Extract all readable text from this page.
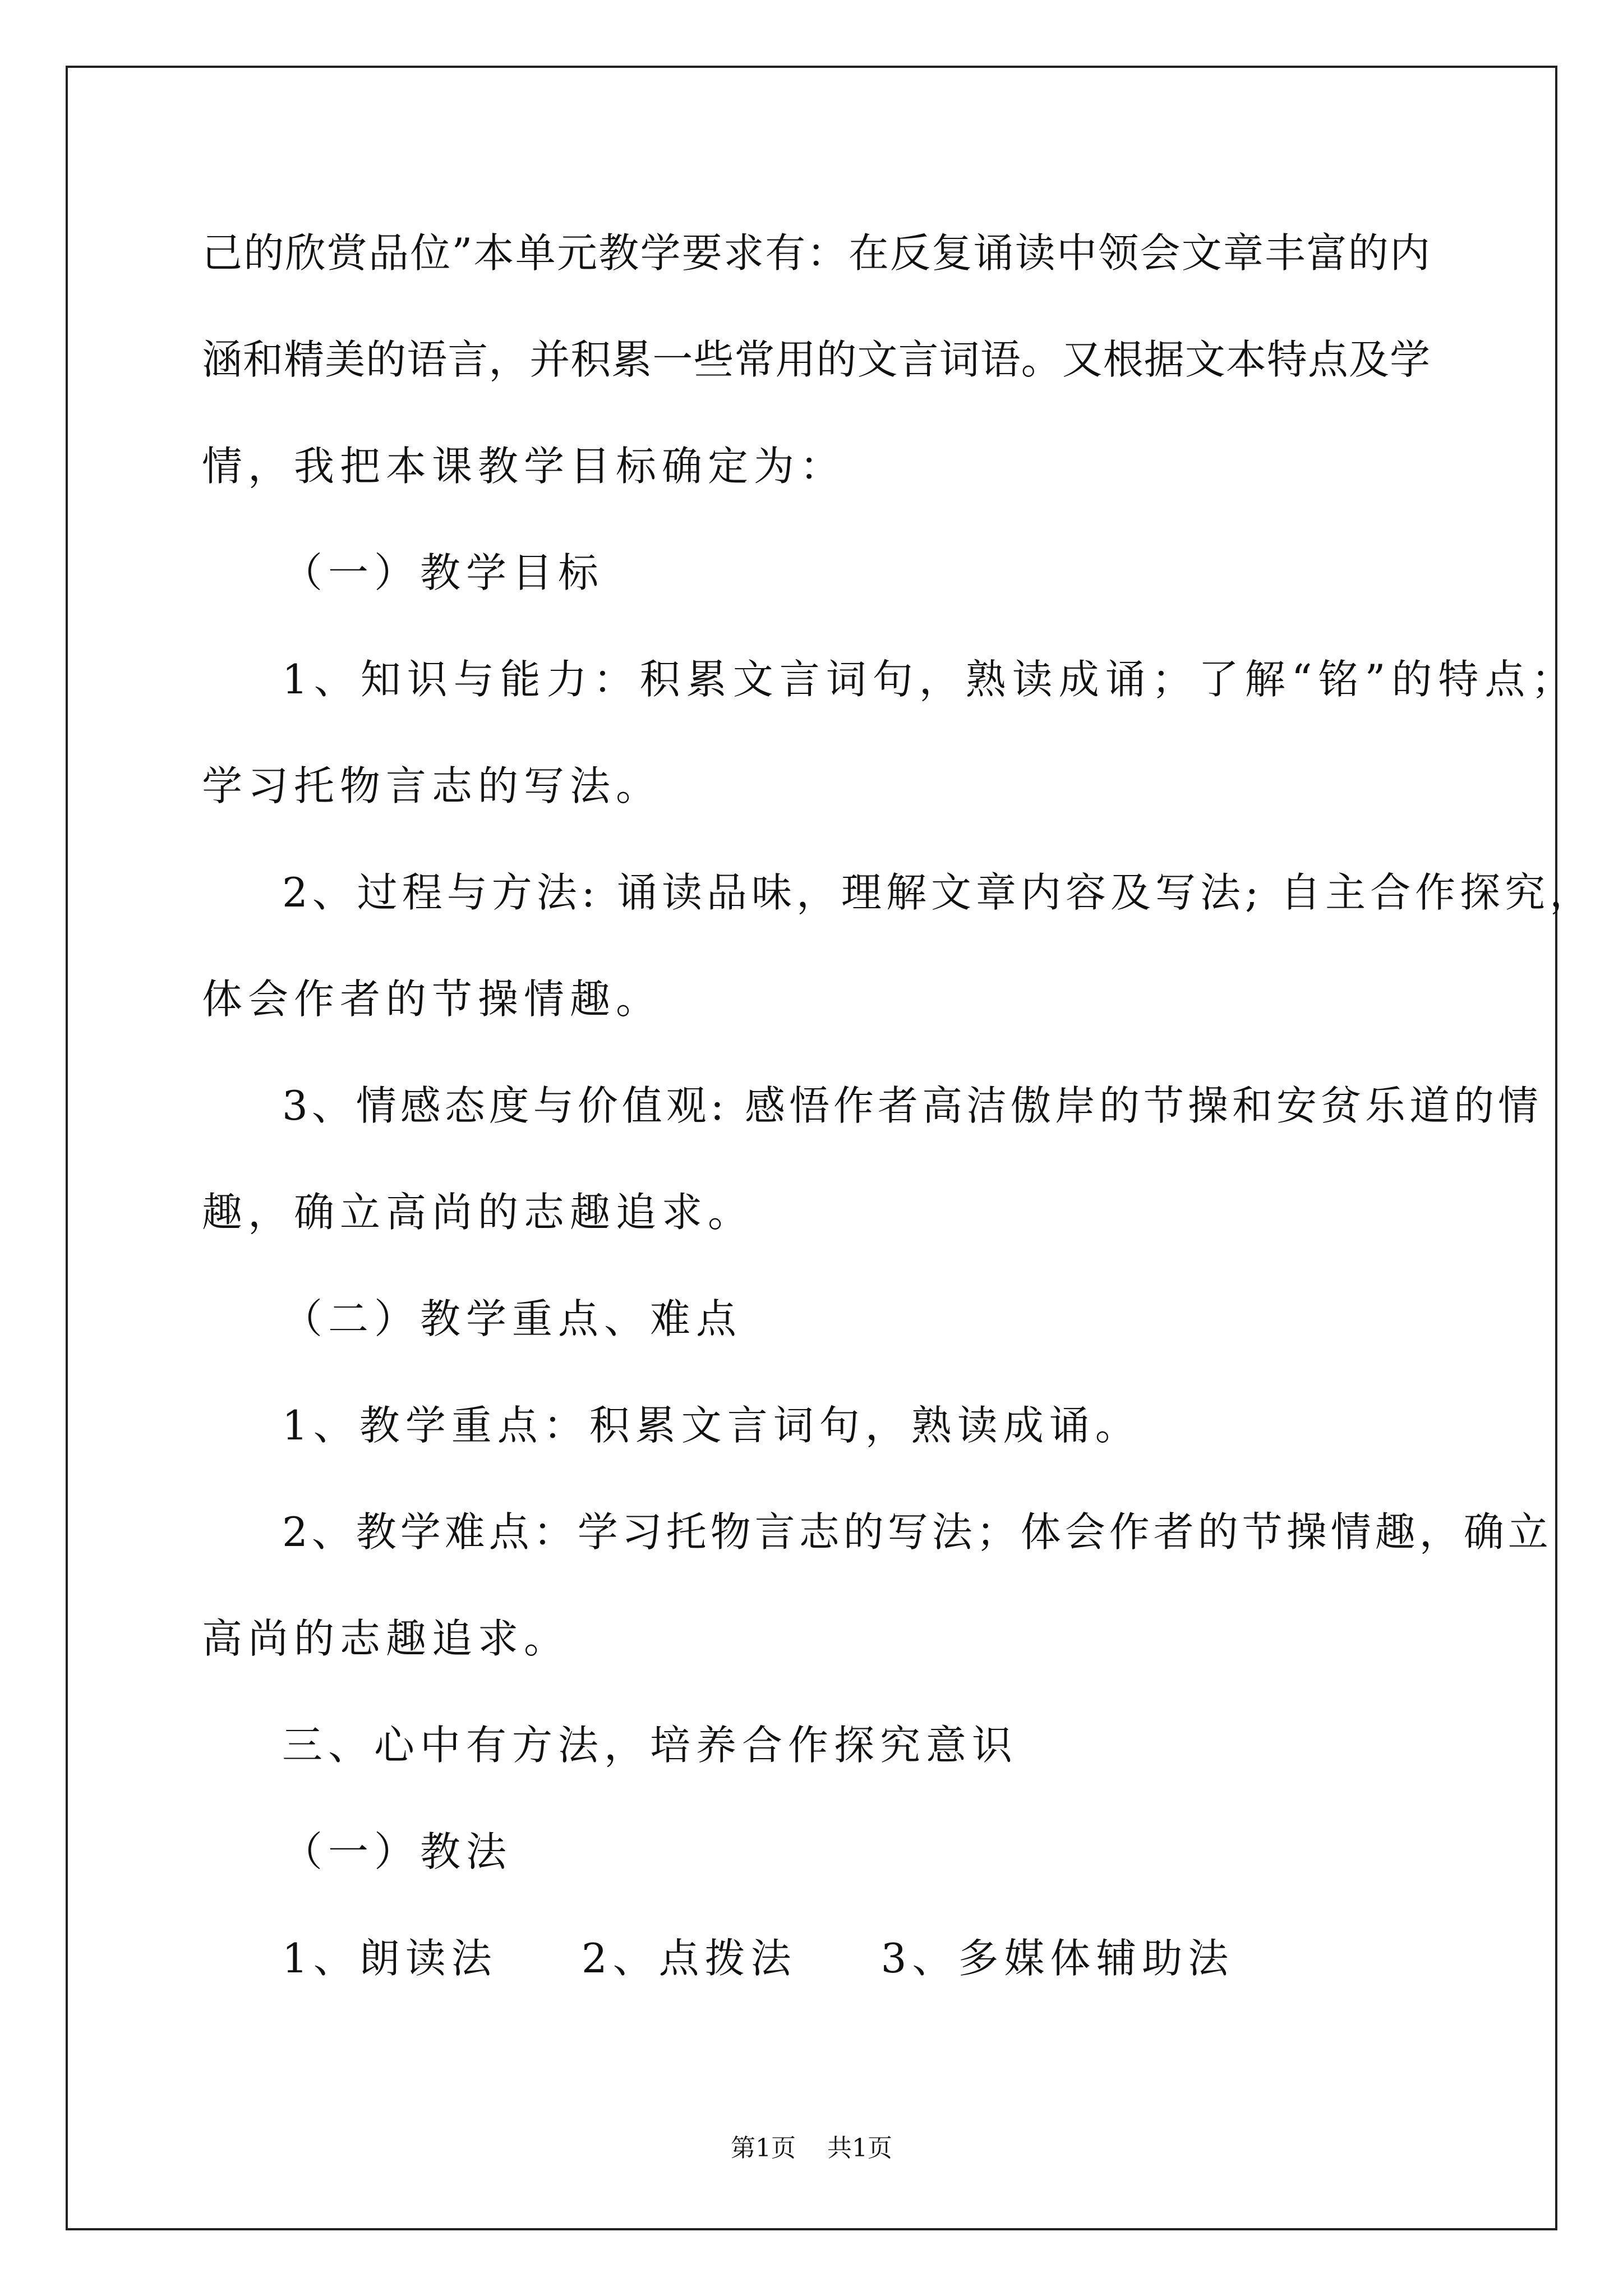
己的欣赏品位”本单元教学要求有：在反复诵读中领会文章丰富的内

涵和精美的语言，并积累一些常用的文言词语。又根据文本特点及学

情，我把本课教学目标确定为：

（一）教学目标

1、知识与能力：积累文言词句，熟读成诵；了解“铭”的特点；

学习托物言志的写法。

2、过程与方法: 诵读品味，理解文章内容及写法; 自主合作探究，

体会作者的节操情趣。

3、情感态度与价值观: 感悟作者高洁傲岸的节操和安贫乐道的情

趣，确立高尚的志趣追求。

（二）教学重点、难点

1、教学重点：积累文言词句，熟读成诵。

2、教学难点：学习托物言志的写法；体会作者的节操情趣，确立

高尚的志趣追求。

三、心中有方法，培养合作探究意识

（一）教法

1、朗读法 2、点拨法 3、多媒体辅助法

第1页 共1页
